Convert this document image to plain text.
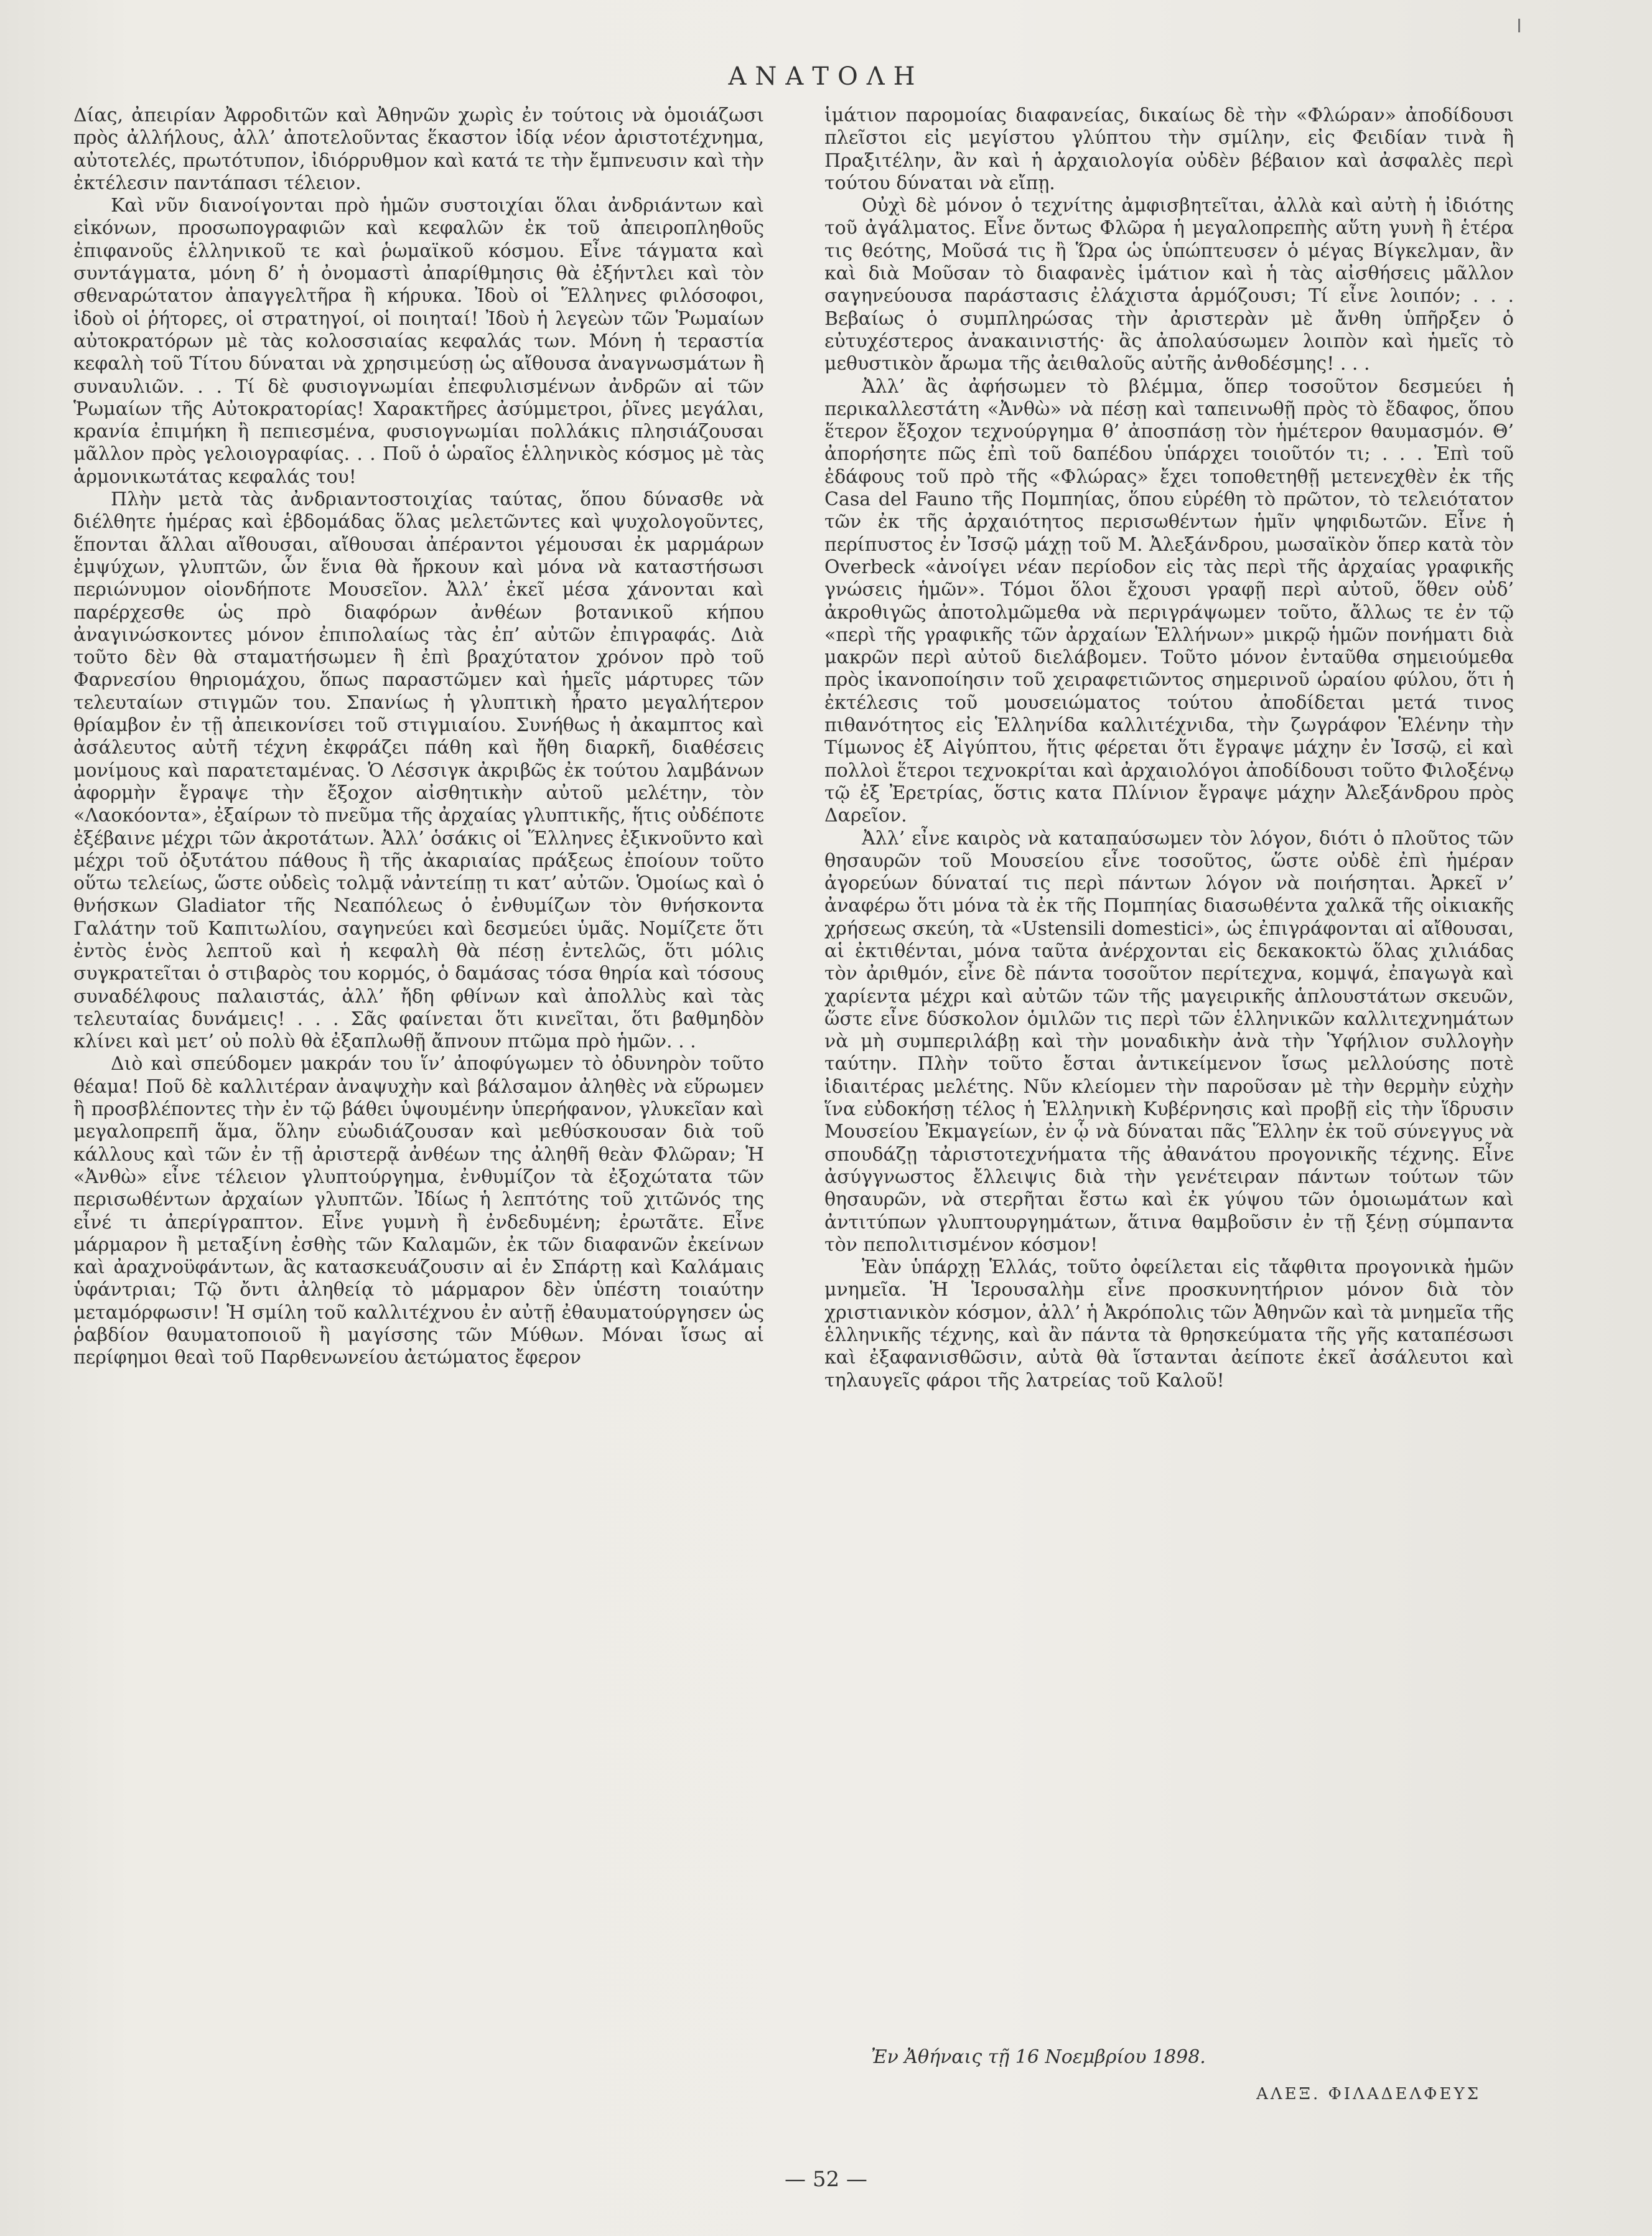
ΑΝΑΤΟΛΗ

Δίας, ἀπειρίαν Ἀφροδιτῶν καὶ Ἀθηνῶν χωρὶς ἐν τούτοις νὰ ὁμοιάζωσι πρὸς ἀλλήλους, ἀλλ’ ἀποτελοῦντας ἕκαστον ἰδίᾳ νέον ἀριστοτέχνημα, αὐτοτελές, πρωτότυπον, ἰδιόρρυθμον καὶ κατά τε τὴν ἔμπνευσιν καὶ τὴν ἐκτέλεσιν παντάπασι τέλειον.

Καὶ νῦν διανοίγονται πρὸ ἡμῶν συστοιχίαι ὅλαι ἀνδριάντων καὶ εἰκόνων, προσωπογραφιῶν καὶ κεφαλῶν ἐκ τοῦ ἀπειροπληθοῦς ἐπιφανοῦς ἑλληνικοῦ τε καὶ ῥωμαϊκοῦ κόσμου. Εἶνε τάγματα καὶ συντάγματα, μόνη δ’ ἡ ὀνομαστὶ ἀπαρίθμησις θὰ ἐξήντλει καὶ τὸν σθεναρώτατον ἀπαγγελτῆρα ἢ κήρυκα. Ἰδοὺ οἱ Ἕλληνες φιλόσοφοι, ἰδοὺ οἱ ῥήτορες, οἱ στρατηγοί, οἱ ποιηταί! Ἰδοὺ ἡ λεγεὼν τῶν Ῥωμαίων αὐτοκρατόρων μὲ τὰς κολοσσιαίας κεφαλάς των. Μόνη ἡ τεραστία κεφαλὴ τοῦ Τίτου δύναται νὰ χρησιμεύσῃ ὡς αἴθουσα ἀναγνωσμάτων ἢ συναυλιῶν. . . Τί δὲ φυσιογνωμίαι ἐπεφυλισμένων ἀνδρῶν αἱ τῶν Ῥωμαίων τῆς Αὐτοκρατορίας! Χαρακτῆρες ἀσύμμετροι, ῥῖνες μεγάλαι, κρανία ἐπιμήκη ἢ πεπιεσμένα, φυσιογνωμίαι πολλάκις πλησιάζουσαι μᾶλλον πρὸς γελοιογραφίας. . . Ποῦ ὁ ὡραῖος ἑλληνικὸς κόσμος μὲ τὰς ἁρμονικωτάτας κεφαλάς του!

Πλὴν μετὰ τὰς ἀνδριαντοστοιχίας ταύτας, ὅπου δύνασθε νὰ διέλθητε ἡμέρας καὶ ἑβδομάδας ὅλας μελετῶντες καὶ ψυχολογοῦντες, ἕπονται ἄλλαι αἴθουσαι, αἴθουσαι ἀπέραντοι γέμουσαι ἐκ μαρμάρων ἐμψύχων, γλυπτῶν, ὧν ἕνια θὰ ἤρκουν καὶ μόνα νὰ καταστήσωσι περιώνυμον οἱονδήποτε Μουσεῖον. Ἀλλ’ ἐκεῖ μέσα χάνονται καὶ παρέρχεσθε ὡς πρὸ διαφόρων ἀνθέων βοτανικοῦ κήπου ἀναγινώσκοντες μόνον ἐπιπολαίως τὰς ἐπ’ αὐτῶν ἐπιγραφάς. Διὰ τοῦτο δὲν θὰ σταματήσωμεν ἢ ἐπὶ βραχύτατον χρόνον πρὸ τοῦ Φαρνεσίου θηριομάχου, ὅπως παραστῶμεν καὶ ἡμεῖς μάρτυρες τῶν τελευταίων στιγμῶν του. Σπανίως ἡ γλυπτικὴ ἦρατο μεγαλήτερον θρίαμβον ἐν τῇ ἀπεικονίσει τοῦ στιγμιαίου. Συνήθως ἡ ἀκαμπτος καὶ ἀσάλευτος αὐτῆ τέχνη ἐκφράζει πάθη καὶ ἤθη διαρκῆ, διαθέσεις μονίμους καὶ παρατεταμένας. Ὁ Λέσσιγκ ἀκριβῶς ἐκ τούτου λαμβάνων ἀφορμὴν ἔγραψε τὴν ἔξοχον αἰσθητικὴν αὐτοῦ μελέτην, τὸν «Λαοκόοντα», ἐξαίρων τὸ πνεῦμα τῆς ἀρχαίας γλυπτικῆς, ἥτις οὐδέποτε ἐξέβαινε μέχρι τῶν ἀκροτάτων. Ἀλλ’ ὁσάκις οἱ Ἕλληνες ἐξικνοῦντο καὶ μέχρι τοῦ ὀξυτάτου πάθους ἢ τῆς ἀκαριαίας πράξεως ἐποίουν τοῦτο οὕτω τελείως, ὥστε οὐδεὶς τολμᾷ νἀντείπῃ τι κατ’ αὐτῶν. Ὁμοίως καὶ ὁ θνήσκων Gladiator τῆς Νεαπόλεως ὁ ἐνθυμίζων τὸν θνήσκοντα Γαλάτην τοῦ Καπιτωλίου, σαγηνεύει καὶ δεσμεύει ὑμᾶς. Νομίζετε ὅτι ἐντὸς ἑνὸς λεπτοῦ καὶ ἡ κεφαλὴ θὰ πέσῃ ἐντελῶς, ὅτι μόλις συγκρατεῖται ὁ στιβαρὸς του κορμός, ὁ δαμάσας τόσα θηρία καὶ τόσους συναδέλφους παλαιστάς, ἀλλ’ ἤδη φθίνων καὶ ἀπολλὺς καὶ τὰς τελευταίας δυνάμεις! . . . Σᾶς φαίνεται ὅτι κινεῖται, ὅτι βαθμηδὸν κλίνει καὶ μετ’ οὐ πολὺ θὰ ἐξαπλωθῇ ἄπνουν πτῶμα πρὸ ἡμῶν. . .

Διὸ καὶ σπεύδομεν μακράν του ἵν’ ἀποφύγωμεν τὸ ὀδυνηρὸν τοῦτο θέαμα! Ποῦ δὲ καλλιτέραν ἀναψυχὴν καὶ βάλσαμον ἀληθὲς νὰ εὕρωμεν ἢ προσβλέποντες τὴν ἐν τῷ βάθει ὑψουμένην ὑπερήφανον, γλυκεῖαν καὶ μεγαλοπρεπῆ ἅμα, ὅλην εὐωδιάζουσαν καὶ μεθύσκουσαν διὰ τοῦ κάλλους καὶ τῶν ἐν τῇ ἀριστερᾷ ἀνθέων της ἀληθῆ θεὰν Φλῶραν; Ἡ «Ἀνθὼ» εἶνε τέλειον γλυπτούργημα, ἐνθυμίζον τὰ ἐξοχώτατα τῶν περισωθέντων ἀρχαίων γλυπτῶν. Ἰδίως ἡ λεπτότης τοῦ χιτῶνός της εἶνέ τι ἀπερίγραπτον. Εἶνε γυμνὴ ἢ ἐνδεδυμένη; ἐρωτᾶτε. Εἶνε μάρμαρον ἢ μεταξίνη ἐσθὴς τῶν Καλαμῶν, ἐκ τῶν διαφανῶν ἐκείνων καὶ ἀραχνοϋφάντων, ἃς κατασκευάζουσιν αἱ ἐν Σπάρτῃ καὶ Καλάμαις ὑφάντριαι; Τῷ ὄντι ἀληθείᾳ τὸ μάρμαρον δὲν ὑπέστη τοιαύτην μεταμόρφωσιν! Ἡ σμίλη τοῦ καλλιτέχνου ἐν αὐτῇ ἐθαυματούργησεν ὡς ῥαβδίον θαυματοποιοῦ ἢ μαγίσσης τῶν Μύθων. Μόναι ἴσως αἱ περίφημοι θεαὶ τοῦ Παρθενωνείου ἀετώματος ἔφερον

ἱμάτιον παρομοίας διαφανείας, δικαίως δὲ τὴν «Φλώραν» ἀποδίδουσι πλεῖστοι εἰς μεγίστου γλύπτου τὴν σμίλην, εἰς Φειδίαν τινὰ ἢ Πραξιτέλην, ἂν καὶ ἡ ἀρχαιολογία οὐδὲν βέβαιον καὶ ἀσφαλὲς περὶ τούτου δύναται νὰ εἴπῃ.

Οὐχὶ δὲ μόνον ὁ τεχνίτης ἀμφισβητεῖται, ἀλλὰ καὶ αὐτὴ ἡ ἰδιότης τοῦ ἀγάλματος. Εἶνε ὄντως Φλῶρα ἡ μεγαλοπρεπὴς αὕτη γυνὴ ἢ ἑτέρα τις θεότης, Μοῦσά τις ἢ Ὥρα ὡς ὑπώπτευσεν ὁ μέγας Βίγκελμαν, ἂν καὶ διὰ Μοῦσαν τὸ διαφανὲς ἱμάτιον καὶ ἡ τὰς αἰσθήσεις μᾶλλον σαγηνεύουσα παράστασις ἐλάχιστα ἁρμόζουσι; Τί εἶνε λοιπόν; . . . Βεβαίως ὁ συμπληρώσας τὴν ἀριστερὰν μὲ ἄνθη ὑπῆρξεν ὁ εὐτυχέστερος ἀνακαινιστής· ἂς ἀπολαύσωμεν λοιπὸν καὶ ἡμεῖς τὸ μεθυστικὸν ἄρωμα τῆς ἀειθαλοῦς αὐτῆς ἀνθοδέσμης! . . .

Ἀλλ’ ἂς ἀφήσωμεν τὸ βλέμμα, ὅπερ τοσοῦτον δεσμεύει ἡ περικαλλεστάτη «Ἀνθὼ» νὰ πέσῃ καὶ ταπεινωθῇ πρὸς τὸ ἔδαφος, ὅπου ἕτερον ἔξοχον τεχνούργημα θ’ ἀποσπάσῃ τὸν ἡμέτερον θαυμασμόν. Θ’ ἀπορήσητε πῶς ἐπὶ τοῦ δαπέδου ὑπάρχει τοιοῦτόν τι; . . . Ἐπὶ τοῦ ἐδάφους τοῦ πρὸ τῆς «Φλώρας» ἔχει τοποθετηθῇ μετενεχθὲν ἐκ τῆς Casa del Fauno τῆς Πομπηίας, ὅπου εὑρέθη τὸ πρῶτον, τὸ τελειότατον τῶν ἐκ τῆς ἀρχαιότητος περισωθέντων ἡμῖν ψηφιδωτῶν. Εἶνε ἡ περίπυστος ἐν Ἰσσῷ μάχῃ τοῦ Μ. Ἀλεξάνδρου, μωσαϊκὸν ὅπερ κατὰ τὸν Overbeck «ἀνοίγει νέαν περίοδον εἰς τὰς περὶ τῆς ἀρχαίας γραφικῆς γνώσεις ἡμῶν». Τόμοι ὅλοι ἔχουσι γραφῇ περὶ αὐτοῦ, ὅθεν οὐδ’ ἀκροθιγῶς ἀποτολμῶμεθα νὰ περιγράψωμεν τοῦτο, ἄλλως τε ἐν τῷ «περὶ τῆς γραφικῆς τῶν ἀρχαίων Ἑλλήνων» μικρῷ ἡμῶν πονήματι διὰ μακρῶν περὶ αὐτοῦ διελάβομεν. Τοῦτο μόνον ἐνταῦθα σημειούμεθα πρὸς ἱκανοποίησιν τοῦ χειραφετιῶντος σημερινοῦ ὡραίου φύλου, ὅτι ἡ ἐκτέλεσις τοῦ μουσειώματος τούτου ἀποδίδεται μετά τινος πιθανότητος εἰς Ἑλληνίδα καλλιτέχνιδα, τὴν ζωγράφον Ἑλένην τὴν Τίμωνος ἐξ Αἰγύπτου, ἥτις φέρεται ὅτι ἔγραψε μάχην ἐν Ἰσσῷ, εἰ καὶ πολλοὶ ἕτεροι τεχνοκρίται καὶ ἀρχαιολόγοι ἀποδίδουσι τοῦτο Φιλοξένῳ τῷ ἐξ Ἐρετρίας, ὅστις κατα Πλίνιον ἔγραψε μάχην Ἀλεξάνδρου πρὸς Δαρεῖον.

Ἀλλ’ εἶνε καιρὸς νὰ καταπαύσωμεν τὸν λόγον, διότι ὁ πλοῦτος τῶν θησαυρῶν τοῦ Μουσείου εἶνε τοσοῦτος, ὥστε οὐδὲ ἐπὶ ἡμέραν ἀγορεύων δύναταί τις περὶ πάντων λόγον νὰ ποιήσηται. Ἀρκεῖ ν’ ἀναφέρω ὅτι μόνα τὰ ἐκ τῆς Πομπηίας διασωθέντα χαλκᾶ τῆς οἰκιακῆς χρήσεως σκεύη, τὰ «Ustensili domestici», ὡς ἐπιγράφονται αἱ αἴθουσαι, αἱ ἐκτιθένται, μόνα ταῦτα ἀνέρχονται εἰς δεκακοκτὼ ὅλας χιλιάδας τὸν ἀριθμόν, εἶνε δὲ πάντα τοσοῦτον περίτεχνα, κομψά, ἐπαγωγὰ καὶ χαρίεντα μέχρι καὶ αὐτῶν τῶν τῆς μαγειρικῆς ἁπλουστάτων σκευῶν, ὥστε εἶνε δύσκολον ὁμιλῶν τις περὶ τῶν ἑλληνικῶν καλλιτεχνημάτων νὰ μὴ συμπεριλάβῃ καὶ τὴν μοναδικὴν ἀνὰ τὴν Ὑφήλιον συλλογὴν ταύτην. Πλὴν τοῦτο ἔσται ἀντικείμενον ἴσως μελλούσης ποτὲ ἰδιαιτέρας μελέτης. Νῦν κλείομεν τὴν παροῦσαν μὲ τὴν θερμὴν εὐχὴν ἵνα εὐδοκήσῃ τέλος ἡ Ἑλληνικὴ Κυβέρνησις καὶ προβῇ εἰς τὴν ἵδρυσιν Μουσείου Ἐκμαγείων, ἐν ᾧ νὰ δύναται πᾶς Ἕλλην ἐκ τοῦ σύνεγγυς νὰ σπουδάζῃ τἀριστοτεχνήματα τῆς ἀθανάτου προγονικῆς τέχνης. Εἶνε ἀσύγγνωστος ἔλλειψις διὰ τὴν γενέτειραν πάντων τούτων τῶν θησαυρῶν, νὰ στερῆται ἔστω καὶ ἐκ γύψου τῶν ὁμοιωμάτων καὶ ἀντιτύπων γλυπτουργημάτων, ἅτινα θαμβοῦσιν ἐν τῇ ξένῃ σύμπαντα τὸν πεπολιτισμένον κόσμον!

Ἐὰν ὑπάρχῃ Ἑλλάς, τοῦτο ὀφείλεται εἰς τἄφθιτα προγονικὰ ἡμῶν μνημεῖα. Ἡ Ἱερουσαλὴμ εἶνε προσκυνητήριον μόνον διὰ τὸν χριστιανικὸν κόσμον, ἀλλ’ ἡ Ἀκρόπολις τῶν Ἀθηνῶν καὶ τὰ μνημεῖα τῆς ἑλληνικῆς τέχνης, καὶ ἂν πάντα τὰ θρησκεύματα τῆς γῆς καταπέσωσι καὶ ἐξαφανισθῶσιν, αὐτὰ θὰ ἵστανται ἀείποτε ἐκεῖ ἀσάλευτοι καὶ τηλαυγεῖς φάροι τῆς λατρείας τοῦ Καλοῦ!

Ἐν Ἀθήναις τῇ 16 Νοεμβρίου 1898.
ΑΛΕΞ. ΦΙΛΑΔΕΛΦΕΥΣ
— 52 —
